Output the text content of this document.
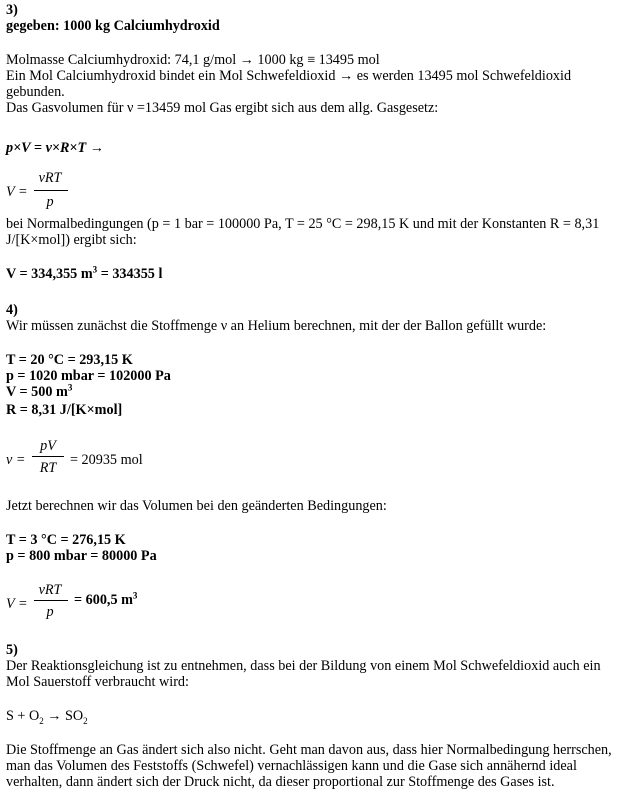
3)
gegeben: 1000 kg Calciumhydroxid
Molmasse Calciumhydroxid: 74,1 g/mol → 1000 kg ≡ 13495 mol
Ein Mol Calciumhydroxid bindet ein Mol Schwefeldioxid → es werden 13495 mol Schwefeldioxid
gebunden.
Das Gasvolumen für ν =13459 mol Gas ergibt sich aus dem allg. Gasgesetz:
p×V = ν×R×T →
V =
νRT
p
bei Normalbedingungen (p = 1 bar = 100000 Pa, T = 25 °C = 298,15 K und mit der Konstanten R = 8,31
J/[K×mol]) ergibt sich:
V = 334,355 $m^3 = 334355$ l
4)
Wir müssen zunächst die Stoffmenge ν an Helium berechnen, mit der der Ballon gefüllt wurde:
T = 20 °C = 293,15 K
p = 1020 mbar = 102000 Pa
V = 500 $m^3$
R = 8,31 J/[K×mol]
ν =
pV
RT = 20935 mol
Jetzt berechnen wir das Volumen bei den geänderten Bedingungen:
T = 3 °C = 276,15 K
p = 800 mbar = 80000 Pa
V =
νRT
p
= 600,5 $m^3$
5)
Der Reaktionsgleichung ist zu entnehmen, dass bei der Bildung von einem Mol Schwefeldioxid auch ein
Mol Sauerstoff verbraucht wird:
$S + O_2 \to SO_2$
Die Stoffmenge an Gas ändert sich also nicht. Geht man davon aus, dass hier Normalbedingung herrschen,
man das Volumen des Feststoffs (Schwefel) vernachlässigen kann und die Gase sich annähernd ideal
verhalten, dann ändert sich der Druck nicht, da dieser proportional zur Stoffmenge des Gases ist.
